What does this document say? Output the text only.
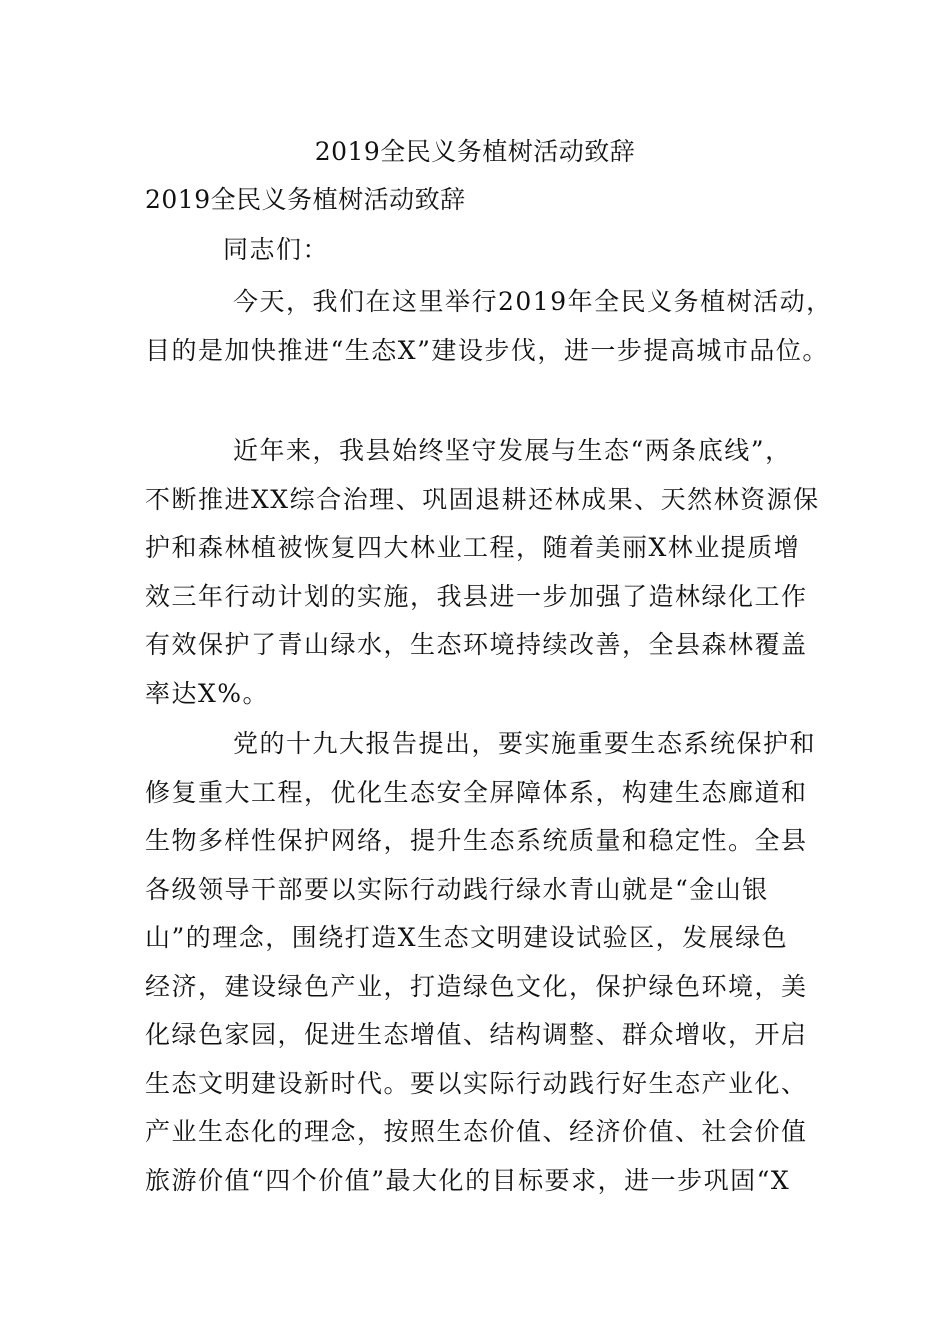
2019全民义务植树活动致辞
2019全民义务植树活动致辞
同志们：
今天，我们在这里举行2019年全民义务植树活动，
目的是加快推进“生态X”建设步伐，进一步提高城市品位。
近年来，我县始终坚守发展与生态“两条底线”，
不断推进XX综合治理、巩固退耕还林成果、天然林资源保
护和森林植被恢复四大林业工程，随着美丽X林业提质增
效三年行动计划的实施，我县进一步加强了造林绿化工作
有效保护了青山绿水，生态环境持续改善，全县森林覆盖
率达X%。
党的十九大报告提出，要实施重要生态系统保护和
修复重大工程，优化生态安全屏障体系，构建生态廊道和
生物多样性保护网络，提升生态系统质量和稳定性。全县
各级领导干部要以实际行动践行绿水青山就是“金山银
山”的理念，围绕打造X生态文明建设试验区，发展绿色
经济，建设绿色产业，打造绿色文化，保护绿色环境，美
化绿色家园，促进生态增值、结构调整、群众增收，开启
生态文明建设新时代。要以实际行动践行好生态产业化、
产业生态化的理念，按照生态价值、经济价值、社会价值
旅游价值“四个价值”最大化的目标要求，进一步巩固“X
